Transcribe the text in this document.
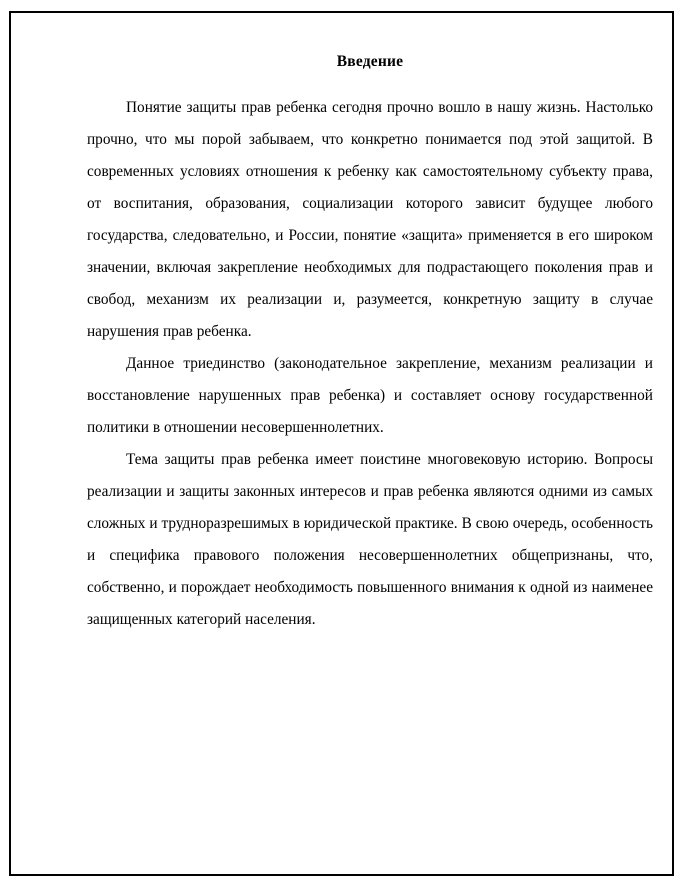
Введение

Понятие защиты прав ребенка сегодня прочно вошло в нашу жизнь. Настолько прочно, что мы порой забываем, что конкретно понимается под этой защитой. В современных условиях отношения к ребенку как самостоятельному субъекту права, от воспитания, образования, социализации которого зависит будущее любого государства, следовательно, и России, понятие «защита» применяется в его широком значении, включая закрепление необходимых для подрастающего поколения прав и свобод, механизм их реализации и, разумеется, конкретную защиту в случае нарушения прав ребенка.

Данное триединство (законодательное закрепление, механизм реализации и восстановление нарушенных прав ребенка) и составляет основу государственной политики в отношении несовершеннолетних.

Тема защиты прав ребенка имеет поистине многовековую историю. Вопросы реализации и защиты законных интересов и прав ребенка являются одними из самых сложных и трудноразрешимых в юридической практике. В свою очередь, особенность и специфика правового положения несовершеннолетних общепризнаны, что, собственно, и порождает необходимость повышенного внимания к одной из наименее защищенных категорий населения.
